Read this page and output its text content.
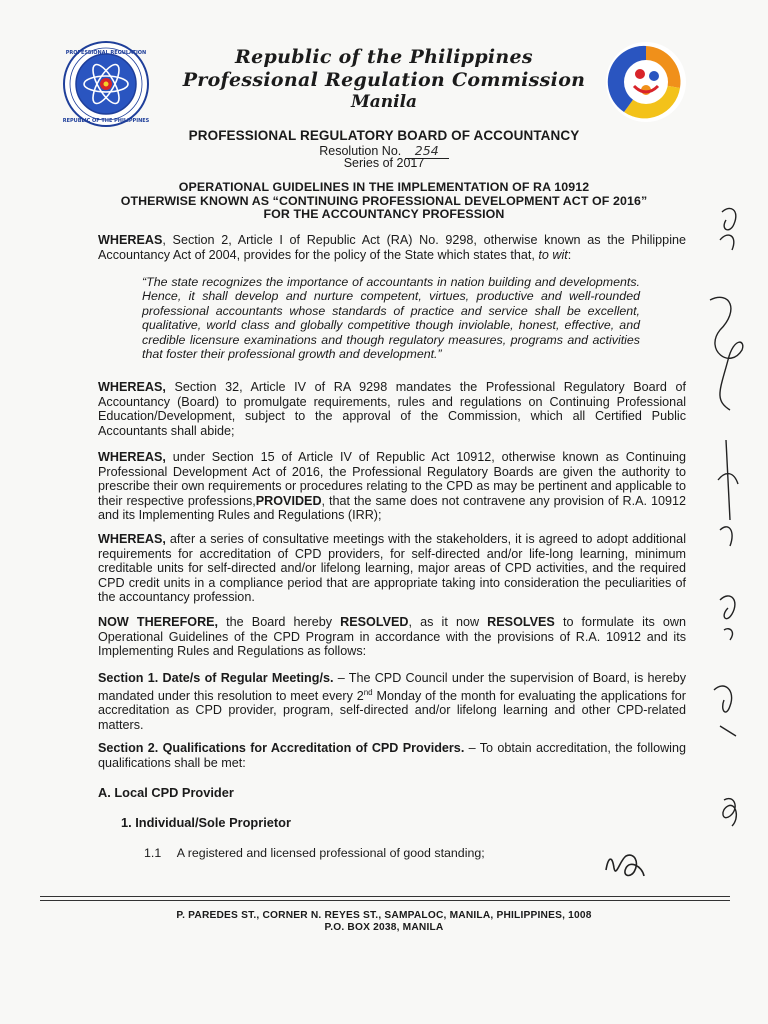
PROFESSIONAL REGULATION
REPUBLIC OF THE PHILIPPINES
Republic of the Philippines
Professional Regulation Commission
Manila
PROFESSIONAL REGULATORY BOARD OF ACCOUNTANCY
Resolution No. 254
Series of 2017
OPERATIONAL GUIDELINES IN THE IMPLEMENTATION OF RA 10912
OTHERWISE KNOWN AS “CONTINUING PROFESSIONAL DEVELOPMENT ACT OF 2016”
FOR THE ACCOUNTANCY PROFESSION

WHEREAS, Section 2, Article I of Republic Act (RA) No. 9298, otherwise known as the Philippine Accountancy Act of 2004, provides for the policy of the State which states that, to wit:

“The state recognizes the importance of accountants in nation building and developments. Hence, it shall develop and nurture competent, virtues, productive and well-rounded professional accountants whose standards of practice and service shall be excellent, qualitative, world class and globally competitive though inviolable, honest, effective, and credible licensure examinations and though regulatory measures, programs and activities that foster their professional growth and development.”

WHEREAS, Section 32, Article IV of RA 9298 mandates the Professional Regulatory Board of Accountancy (Board) to promulgate requirements, rules and regulations on Continuing Professional Education/Development, subject to the approval of the Commission, which all Certified Public Accountants shall abide;

WHEREAS, under Section 15 of Article IV of Republic Act 10912, otherwise known as Continuing Professional Development Act of 2016, the Professional Regulatory Boards are given the authority to prescribe their own requirements or procedures relating to the CPD as may be pertinent and applicable to their respective professions,PROVIDED, that the same does not contravene any provision of R.A. 10912 and its Implementing Rules and Regulations (IRR);

WHEREAS, after a series of consultative meetings with the stakeholders, it is agreed to adopt additional requirements for accreditation of CPD providers, for self-directed and/or life-long learning, minimum creditable units for self-directed and/or lifelong learning, major areas of CPD activities, and the required CPD credit units in a compliance period that are appropriate taking into consideration the peculiarities of the accountancy profession.

NOW THEREFORE, the Board hereby RESOLVED, as it now RESOLVES to formulate its own Operational Guidelines of the CPD Program in accordance with the provisions of R.A. 10912 and its Implementing Rules and Regulations as follows:

Section 1. Date/s of Regular Meeting/s. – The CPD Council under the supervision of Board, is hereby mandated under this resolution to meet every 2nd Monday of the month for evaluating the applications for accreditation as CPD provider, program, self-directed and/or lifelong learning and other CPD-related matters.

Section 2. Qualifications for Accreditation of CPD Providers. – To obtain accreditation, the following qualifications shall be met:

A. Local CPD Provider
1. Individual/Sole Proprietor
1.1 A registered and licensed professional of good standing;
P. PAREDES ST., CORNER N. REYES ST., SAMPALOC, MANILA, PHILIPPINES, 1008
P.O. BOX 2038, MANILA
